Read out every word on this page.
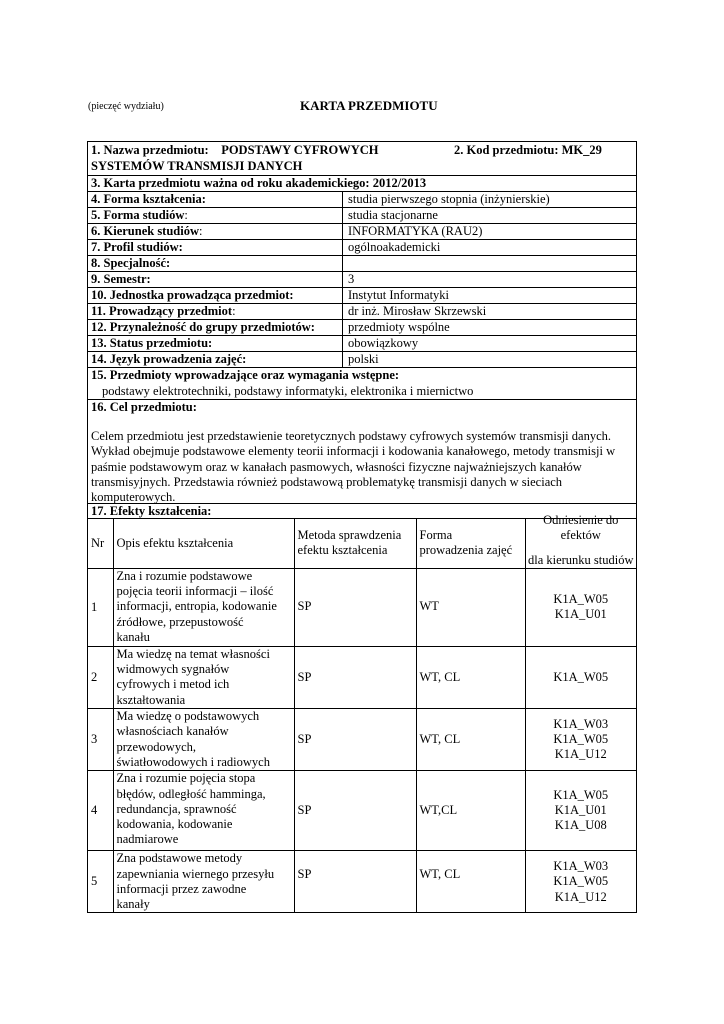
(pieczęć wydziału)	KARTA PRZEDMIOTU
1. Nazwa przedmiotu: PODSTAWY CYFROWYCH
SYSTEMÓW TRANSMISJI DANYCH
2. Kod przedmiotu: MK_29
3. Karta przedmiotu ważna od roku akademickiego: 2012/2013
4. Forma kształcenia:	studia pierwszego stopnia (inżynierskie)
5. Forma studiów:	studia stacjonarne
6. Kierunek studiów:	INFORMATYKA (RAU2)
7. Profil studiów:	ogólnoakademicki
8. Specjalność:
9. Semestr:	3
10. Jednostka prowadząca przedmiot:	Instytut Informatyki
11. Prowadzący przedmiot:	dr inż. Mirosław Skrzewski
12. Przynależność do grupy przedmiotów:	przedmioty wspólne
13. Status przedmiotu:	obowiązkowy
14. Język prowadzenia zajęć:	polski
15. Przedmioty wprowadzające oraz wymagania wstępne:
podstawy elektrotechniki, podstawy informatyki, elektronika i miernictwo
16. Cel przedmiotu:
Celem przedmiotu jest przedstawienie teoretycznych podstawy cyfrowych systemów transmisji danych.
Wykład obejmuje podstawowe elementy teorii informacji i kodowania kanałowego, metody transmisji w
paśmie podstawowym oraz w kanałach pasmowych, własności fizyczne najważniejszych kanałów
transmisyjnych. Przedstawia również podstawową problematykę transmisji danych w sieciach
komputerowych.
17. Efekty kształcenia:
Nr	Opis efektu kształcenia	Metoda sprawdzenia
efektu kształcenia	Forma
prowadzenia zajęć	Odniesienie do efektów
dla kierunku studiów

1	Zna i rozumie podstawowe
pojęcia teorii informacji – ilość
informacji, entropia, kodowanie
źródłowe, przepustowość
kanału	SP	WT	K1A_W05
K1A_U01

2	Ma wiedzę na temat własności
widmowych sygnałów
cyfrowych i metod ich
kształtowania	SP	WT, CL	K1A_W05

3	Ma wiedzę o podstawowych
własnościach kanałów
przewodowych,
światłowodowych i radiowych	SP	WT, CL	K1A_W03
K1A_W05
K1A_U12

4	Zna i rozumie pojęcia stopa
błędów, odległość hamminga,
redundancja, sprawność
kodowania, kodowanie
nadmiarowe	SP	WT,CL	K1A_W05
K1A_U01
K1A_U08

5	Zna podstawowe metody
zapewniania wiernego przesyłu
informacji przez zawodne
kanały	SP	WT, CL	K1A_W03
K1A_W05
K1A_U12
